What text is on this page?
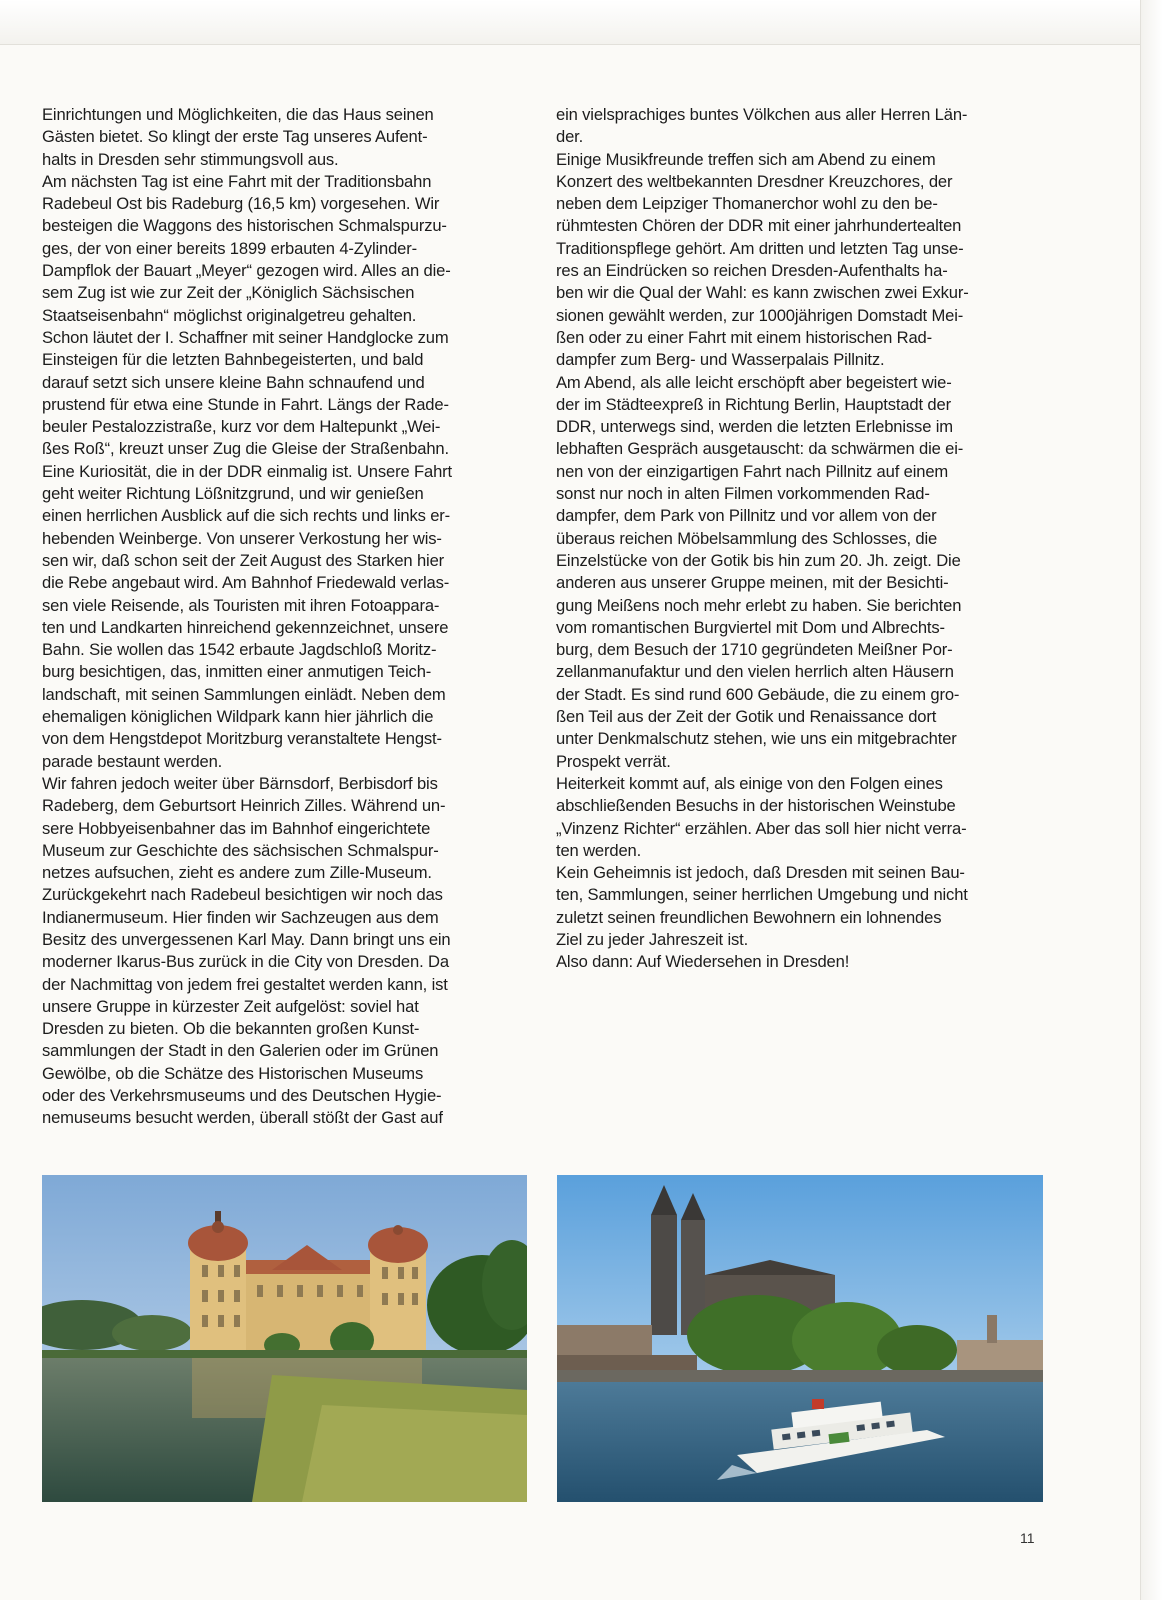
Einrichtungen und Möglichkeiten, die das Haus seinen
Gästen bietet. So klingt der erste Tag unseres Aufent-
halts in Dresden sehr stimmungsvoll aus.
Am nächsten Tag ist eine Fahrt mit der Traditionsbahn
Radebeul Ost bis Radeburg (16,5 km) vorgesehen. Wir
besteigen die Waggons des historischen Schmalspurzu-
ges, der von einer bereits 1899 erbauten 4-Zylinder-
Dampflok der Bauart „Meyer“ gezogen wird. Alles an die-
sem Zug ist wie zur Zeit der „Königlich Sächsischen
Staatseisenbahn“ möglichst originalgetreu gehalten.
Schon läutet der I. Schaffner mit seiner Handglocke zum
Einsteigen für die letzten Bahnbegeisterten, und bald
darauf setzt sich unsere kleine Bahn schnaufend und
prustend für etwa eine Stunde in Fahrt. Längs der Rade-
beuler Pestalozzistraße, kurz vor dem Haltepunkt „Wei-
ßes Roß“, kreuzt unser Zug die Gleise der Straßenbahn.
Eine Kuriosität, die in der DDR einmalig ist. Unsere Fahrt
geht weiter Richtung Lößnitzgrund, und wir genießen
einen herrlichen Ausblick auf die sich rechts und links er-
hebenden Weinberge. Von unserer Verkostung her wis-
sen wir, daß schon seit der Zeit August des Starken hier
die Rebe angebaut wird. Am Bahnhof Friedewald verlas-
sen viele Reisende, als Touristen mit ihren Fotoappara-
ten und Landkarten hinreichend gekennzeichnet, unsere
Bahn. Sie wollen das 1542 erbaute Jagdschloß Moritz-
burg besichtigen, das, inmitten einer anmutigen Teich-
landschaft, mit seinen Sammlungen einlädt. Neben dem
ehemaligen königlichen Wildpark kann hier jährlich die
von dem Hengstdepot Moritzburg veranstaltete Hengst-
parade bestaunt werden.
Wir fahren jedoch weiter über Bärnsdorf, Berbisdorf bis
Radeberg, dem Geburtsort Heinrich Zilles. Während un-
sere Hobbyeisenbahner das im Bahnhof eingerichtete
Museum zur Geschichte des sächsischen Schmalspur-
netzes aufsuchen, zieht es andere zum Zille-Museum.
Zurückgekehrt nach Radebeul besichtigen wir noch das
Indianermuseum. Hier finden wir Sachzeugen aus dem
Besitz des unvergessenen Karl May. Dann bringt uns ein
moderner Ikarus-Bus zurück in die City von Dresden. Da
der Nachmittag von jedem frei gestaltet werden kann, ist
unsere Gruppe in kürzester Zeit aufgelöst: soviel hat
Dresden zu bieten. Ob die bekannten großen Kunst-
sammlungen der Stadt in den Galerien oder im Grünen
Gewölbe, ob die Schätze des Historischen Museums
oder des Verkehrsmuseums und des Deutschen Hygie-
nemuseums besucht werden, überall stößt der Gast auf
ein vielsprachiges buntes Völkchen aus aller Herren Län-
der.
Einige Musikfreunde treffen sich am Abend zu einem
Konzert des weltbekannten Dresdner Kreuzchores, der
neben dem Leipziger Thomanerchor wohl zu den be-
rühmtesten Chören der DDR mit einer jahrhundertealten
Traditionspflege gehört. Am dritten und letzten Tag unse-
res an Eindrücken so reichen Dresden-Aufenthalts ha-
ben wir die Qual der Wahl: es kann zwischen zwei Exkur-
sionen gewählt werden, zur 1000jährigen Domstadt Mei-
ßen oder zu einer Fahrt mit einem historischen Rad-
dampfer zum Berg- und Wasserpalais Pillnitz.
Am Abend, als alle leicht erschöpft aber begeistert wie-
der im Städteexpreß in Richtung Berlin, Hauptstadt der
DDR, unterwegs sind, werden die letzten Erlebnisse im
lebhaften Gespräch ausgetauscht: da schwärmen die ei-
nen von der einzigartigen Fahrt nach Pillnitz auf einem
sonst nur noch in alten Filmen vorkommenden Rad-
dampfer, dem Park von Pillnitz und vor allem von der
überaus reichen Möbelsammlung des Schlosses, die
Einzelstücke von der Gotik bis hin zum 20. Jh. zeigt. Die
anderen aus unserer Gruppe meinen, mit der Besichti-
gung Meißens noch mehr erlebt zu haben. Sie berichten
vom romantischen Burgviertel mit Dom und Albrechts-
burg, dem Besuch der 1710 gegründeten Meißner Por-
zellanmanufaktur und den vielen herrlich alten Häusern
der Stadt. Es sind rund 600 Gebäude, die zu einem gro-
ßen Teil aus der Zeit der Gotik und Renaissance dort
unter Denkmalschutz stehen, wie uns ein mitgebrachter
Prospekt verrät.
Heiterkeit kommt auf, als einige von den Folgen eines
abschließenden Besuchs in der historischen Weinstube
„Vinzenz Richter“ erzählen. Aber das soll hier nicht verra-
ten werden.
Kein Geheimnis ist jedoch, daß Dresden mit seinen Bau-
ten, Sammlungen, seiner herrlichen Umgebung und nicht
zuletzt seinen freundlichen Bewohnern ein lohnendes
Ziel zu jeder Jahreszeit ist.
Also dann: Auf Wiedersehen in Dresden!
11
